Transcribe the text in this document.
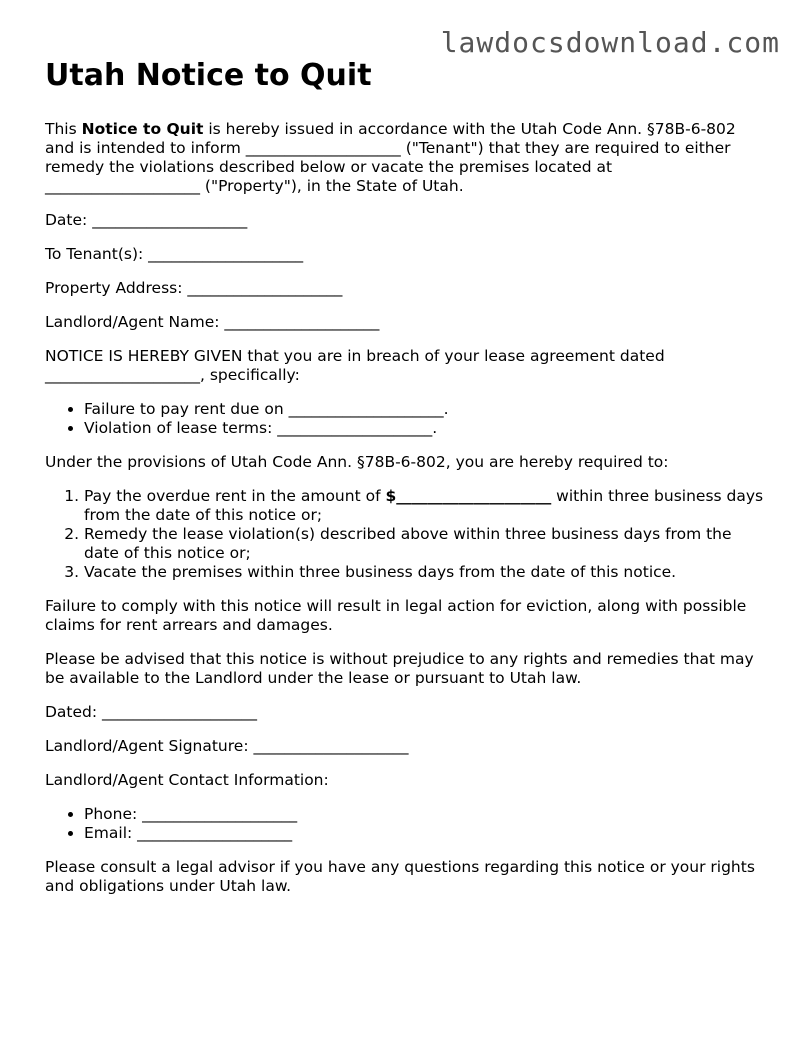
lawdocsdownload.com
Utah Notice to Quit

This Notice to Quit is hereby issued in accordance with the Utah Code Ann. §78B-6-802 and is intended to inform ____________________ ("Tenant") that they are required to either remedy the violations described below or vacate the premises located at ____________________ ("Property"), in the State of Utah.

Date: ____________________

To Tenant(s): ____________________

Property Address: ____________________

Landlord/Agent Name: ____________________

NOTICE IS HEREBY GIVEN that you are in breach of your lease agreement dated ____________________, specifically:

• Failure to pay rent due on ____________________.
• Violation of lease terms: ____________________.

Under the provisions of Utah Code Ann. §78B-6-802, you are hereby required to:

1. Pay the overdue rent in the amount of $____________________ within three business days from the date of this notice or;
2. Remedy the lease violation(s) described above within three business days from the date of this notice or;
3. Vacate the premises within three business days from the date of this notice.

Failure to comply with this notice will result in legal action for eviction, along with possible claims for rent arrears and damages.

Please be advised that this notice is without prejudice to any rights and remedies that may be available to the Landlord under the lease or pursuant to Utah law.

Dated: ____________________

Landlord/Agent Signature: ____________________

Landlord/Agent Contact Information:

• Phone: ____________________
• Email: ____________________

Please consult a legal advisor if you have any questions regarding this notice or your rights and obligations under Utah law.
